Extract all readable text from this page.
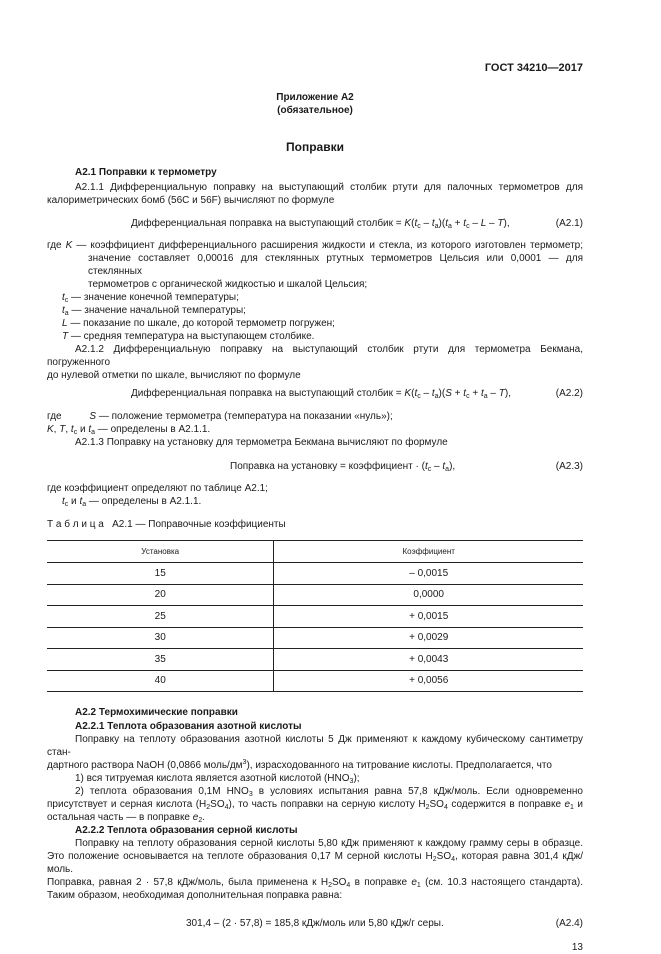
ГОСТ 34210—2017
Приложение А2
(обязательное)
Поправки
А2.1 Поправки к термометру
А2.1.1 Дифференциальную поправку на выступающий столбик ртути для палочных термометров для
калориметрических бомб (56С и 56F) вычисляют по формуле
Дифференциальная поправка на выступающий столбик = $K(t_c - t_a)(t_a + t_c - L - T)$,	(А2.1)
где K — коэффициент дифференциального расширения жидкости и стекла, из которого изготовлен термометр;
значение составляет 0,00016 для стеклянных ртутных термометров Цельсия или 0,0001 — для стеклянных
термометров с органической жидкостью и шкалой Цельсия;
$t_c$ — значение конечной температуры;
$t_a$ — значение начальной температуры;
L — показание по шкале, до которой термометр погружен;
T — средняя температура на выступающем столбике.
А2.1.2 Дифференциальную поправку на выступающий столбик ртути для термометра Бекмана, погруженного
до нулевой отметки по шкале, вычисляют по формуле
Дифференциальная поправка на выступающий столбик = $K(t_c - t_a)(S + t_c + t_a - T)$,	(А2.2)
где          S — положение термометра (температура на показании «нуль»);
K, T, $t_c$ и $t_a$ — определены в А2.1.1.
А2.1.3 Поправку на установку для термометра Бекмана вычисляют по формуле
Поправка на установку = коэффициент · $(t_c - t_a)$,	(А2.3)
где коэффициент определяют по таблице А2.1;
$t_c$ и $t_a$ — определены в А2.1.1.
Т а б л и ц а А2.1 — Поправочные коэффициенты
Установка	Коэффициент
15	– 0,0015
20	0,0000
25	+ 0,0015
30	+ 0,0029
35	+ 0,0043
40	+ 0,0056
А2.2 Термохимические поправки
А2.2.1 Теплота образования азотной кислоты
Поправку на теплоту образования азотной кислоты 5 Дж применяют к каждому кубическому сантиметру стан-
дартного раствора NaOH (0,0866 моль/$дм^3$), израсходованного на титрование кислоты. Предполагается, что
1) вся титруемая кислота является азотной кислотой $(HNO_3)$;
2) теплота образования 0,1М $HNO_3$ в условиях испытания равна 57,8 кДж/моль. Если одновременно
присутствует и серная кислота $(H_2SO_4)$, то часть поправки на серную кислоту $H_2SO_4$ содержится в поправке $e_1$ и
остальная часть — в поправке $e_2$.
А2.2.2 Теплота образования серной кислоты
Поправку на теплоту образования серной кислоты 5,80 кДж применяют к каждому грамму серы в образце.
Это положение основывается на теплоте образования 0,17 М серной кислоты $H_2SO_4$, которая равна 301,4 кДж/моль.
Поправка, равная 2 · 57,8 кДж/моль, была применена к $H_2SO_4$ в поправке $e_1$ (см. 10.3 настоящего стандарта).
Таким образом, необходимая дополнительная поправка равна:
301,4 – (2 · 57,8) = 185,8 кДж/моль или 5,80 кДж/г серы.	(А2.4)
13
